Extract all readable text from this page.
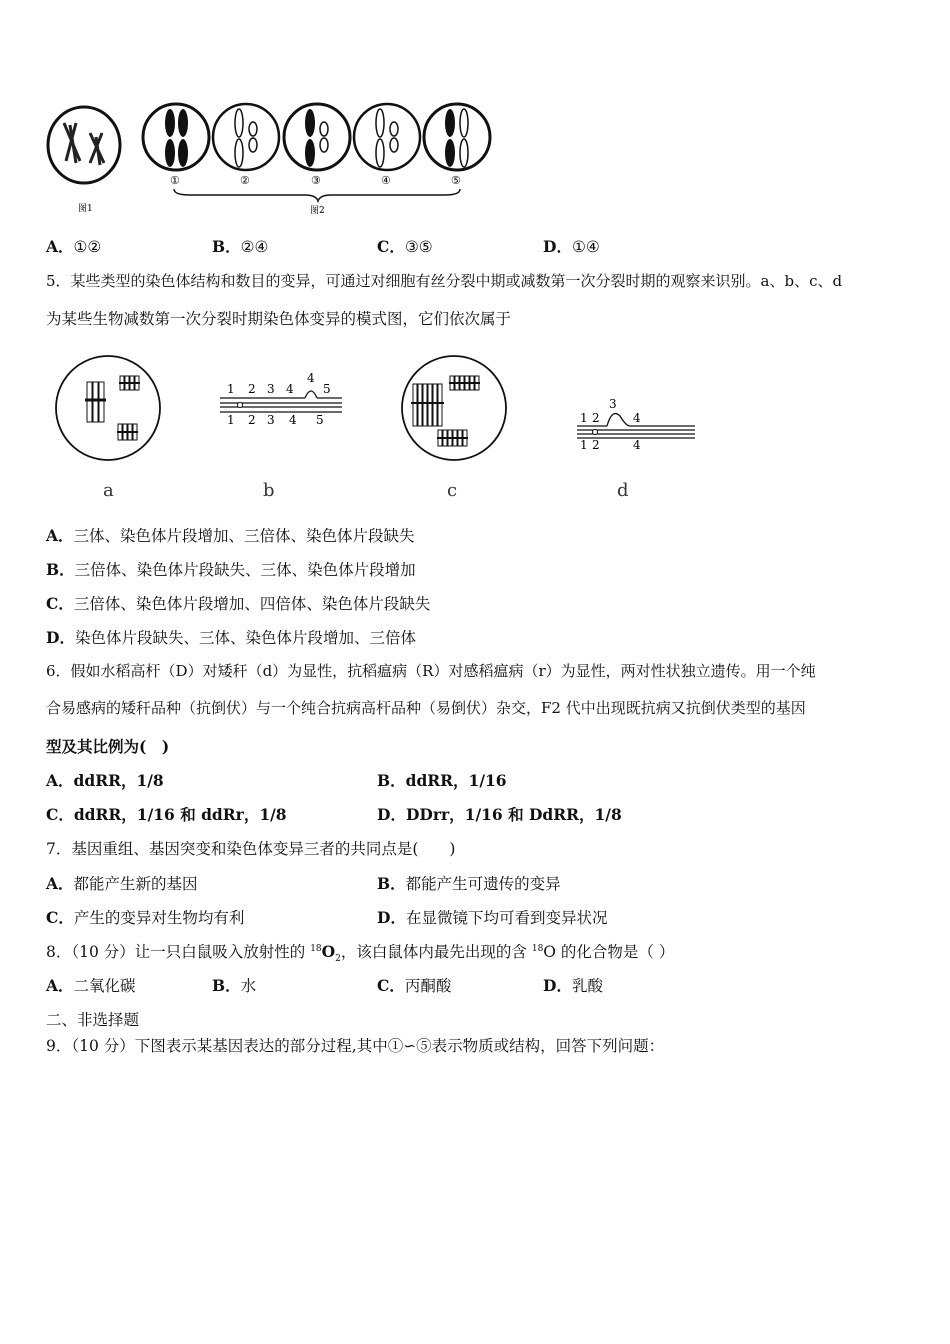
图1
①	②	③	④	⑤
图2
A．①②	B．②④	C．③⑤	D．①④
5．某些类型的染色体结构和数目的变异，可通过对细胞有丝分裂中期或减数第一次分裂时期的观察来识别。a、b、c、d
为某些生物减数第一次分裂时期染色体变异的模式图，它们依次属于
1 2 3 4
4
5
1 2 3 4 5	1 2
3
4
1 2	4
a	b	c	d
A．三体、染色体片段增加、三倍体、染色体片段缺失
B．三倍体、染色体片段缺失、三体、染色体片段增加
C．三倍体、染色体片段增加、四倍体、染色体片段缺失
D．染色体片段缺失、三体、染色体片段增加、三倍体
6．假如水稻高杆（D）对矮秆（d）为显性，抗稻瘟病（R）对感稻瘟病（r）为显性，两对性状独立遗传。用一个纯
合易感病的矮秆品种（抗倒伏）与一个纯合抗病高杆品种（易倒伏）杂交，F2 代中出现既抗病又抗倒伏类型的基因
型及其比例为(　)
A．ddRR，1/8	B．ddRR，1/16
C．ddRR，1/16 和 ddRr，1/8	D．DDrr，1/16 和 DdRR，1/8
7．基因重组、基因突变和染色体变异三者的共同点是(　　)
A．都能产生新的基因	B．都能产生可遗传的变异
C．产生的变异对生物均有利	D．在显微镜下均可看到变异状况
8．（10 分）让一只白鼠吸入放射性的 $^{18}O_2$，该白鼠体内最先出现的含 $^{18}$O 的化合物是（ ）
A．二氧化碳	B．水	C．丙酮酸	D．乳酸
二、非选择题
9．（10 分）下图表示某基因表达的部分过程,其中①∽⑤表示物质或结构，回答下列问题：
